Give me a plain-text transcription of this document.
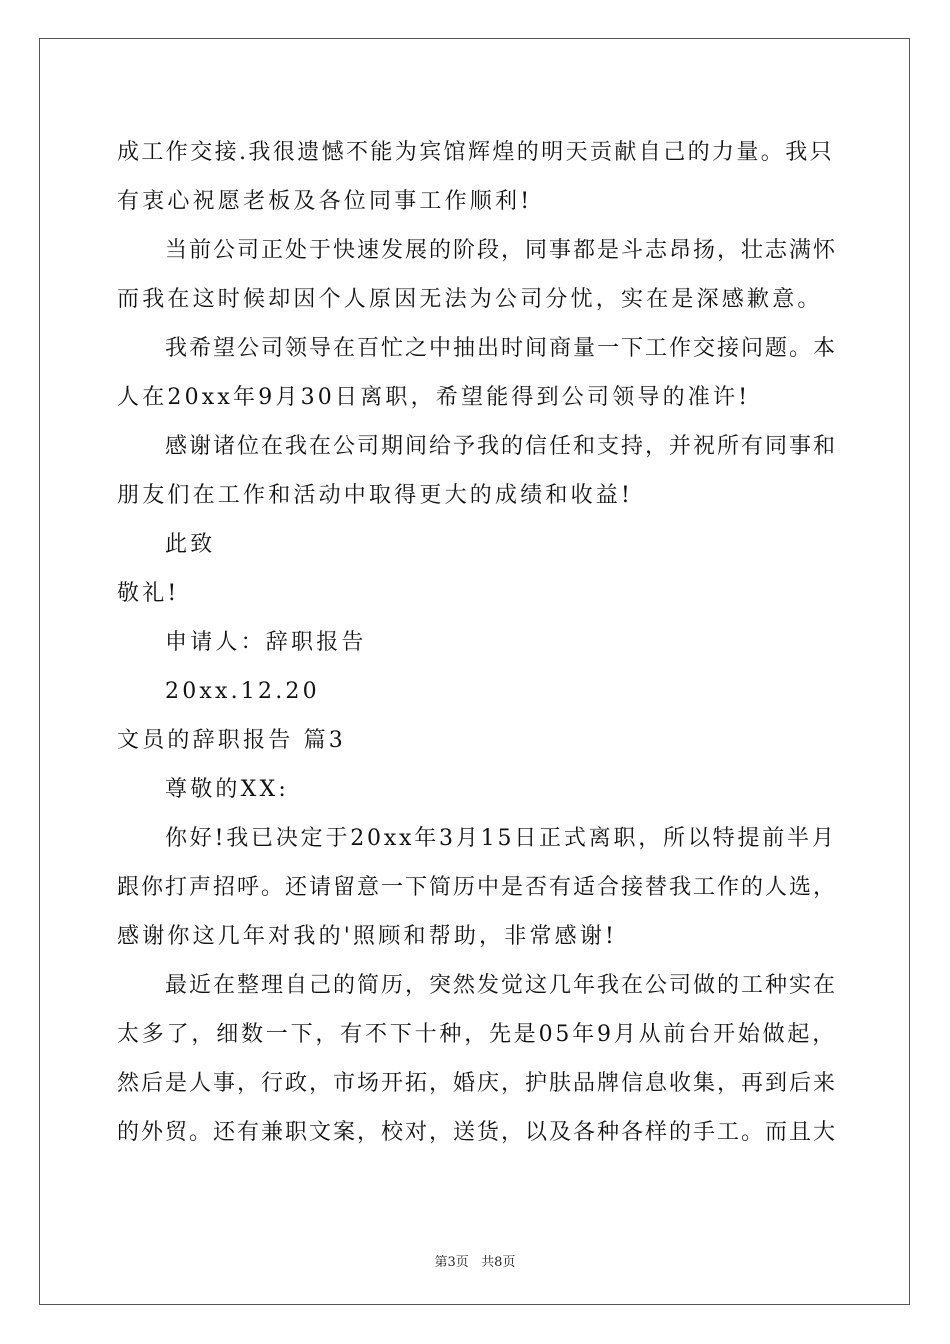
成工作交接.我很遗憾不能为宾馆辉煌的明天贡献自己的力量。我只
有衷心祝愿老板及各位同事工作顺利!
当前公司正处于快速发展的阶段，同事都是斗志昂扬，壮志满怀
而我在这时候却因个人原因无法为公司分忧，实在是深感歉意。
我希望公司领导在百忙之中抽出时间商量一下工作交接问题。本
人在20xx年9月30日离职，希望能得到公司领导的准许!
感谢诸位在我在公司期间给予我的信任和支持，并祝所有同事和
朋友们在工作和活动中取得更大的成绩和收益!
此致
敬礼!
申请人：辞职报告
20xx.12.20
文员的辞职报告 篇3
尊敬的XX:
你好!我已决定于20xx年3月15日正式离职，所以特提前半月
跟你打声招呼。还请留意一下简历中是否有适合接替我工作的人选，
感谢你这几年对我的'照顾和帮助，非常感谢!
最近在整理自己的简历，突然发觉这几年我在公司做的工种实在
太多了，细数一下，有不下十种，先是05年9月从前台开始做起，
然后是人事，行政，市场开拓，婚庆，护肤品牌信息收集，再到后来
的外贸。还有兼职文案，校对，送货，以及各种各样的手工。而且大
第3页   共8页
